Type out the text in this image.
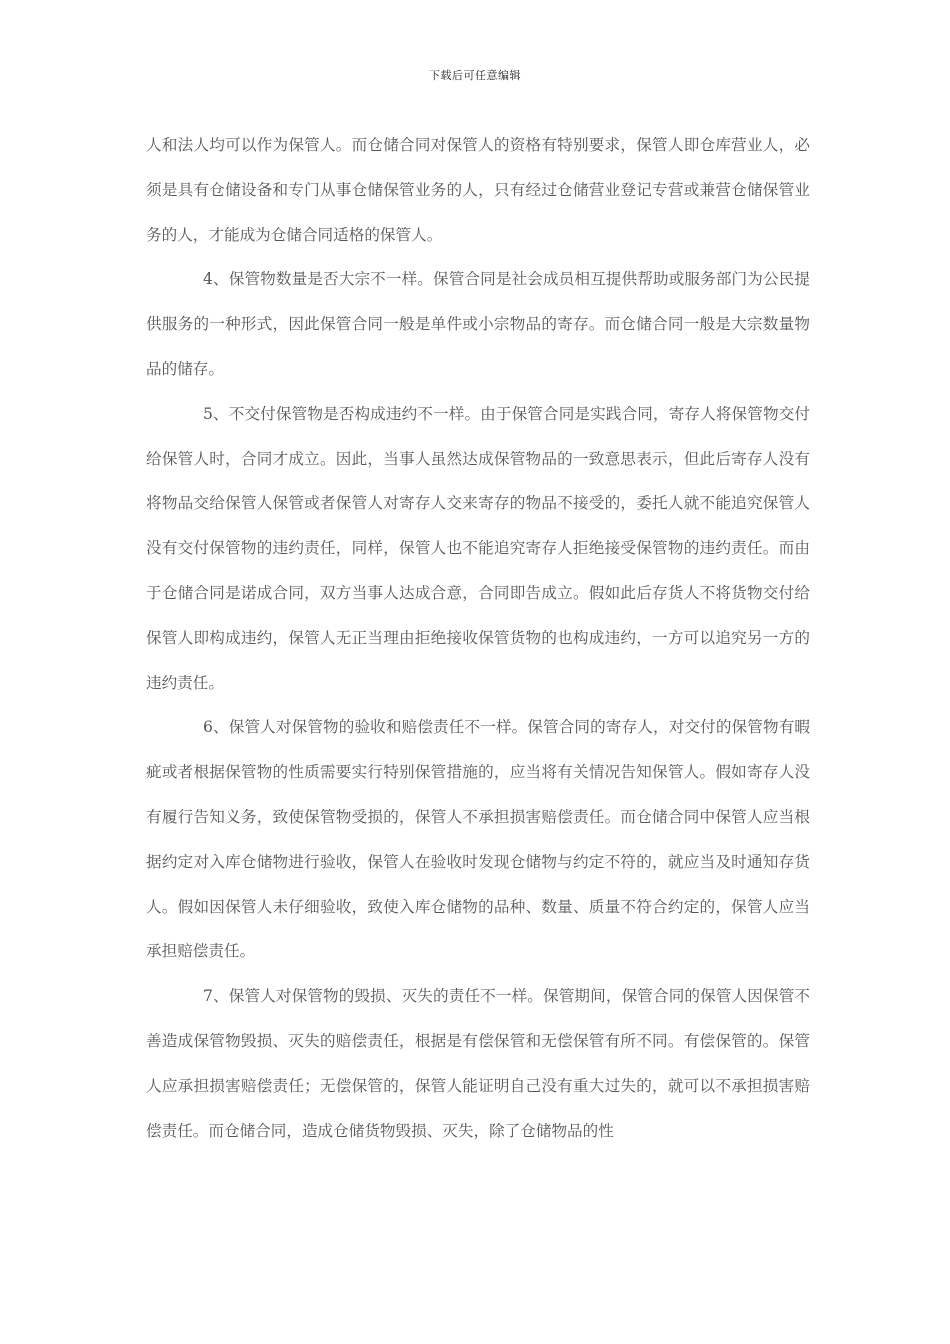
下载后可任意编辑

人和法人均可以作为保管人。而仓储合同对保管人的资格有特别要求，保管人即仓库营业人，必须是具有仓储设备和专门从事仓储保管业务的人，只有经过仓储营业登记专营或兼营仓储保管业务的人，才能成为仓储合同适格的保管人。

4、保管物数量是否大宗不一样。保管合同是社会成员相互提供帮助或服务部门为公民提供服务的一种形式，因此保管合同一般是单件或小宗物品的寄存。而仓储合同一般是大宗数量物品的储存。

5、不交付保管物是否构成违约不一样。由于保管合同是实践合同，寄存人将保管物交付给保管人时，合同才成立。因此，当事人虽然达成保管物品的一致意思表示，但此后寄存人没有将物品交给保管人保管或者保管人对寄存人交来寄存的物品不接受的，委托人就不能追究保管人没有交付保管物的违约责任，同样，保管人也不能追究寄存人拒绝接受保管物的违约责任。而由于仓储合同是诺成合同，双方当事人达成合意，合同即告成立。假如此后存货人不将货物交付给保管人即构成违约，保管人无正当理由拒绝接收保管货物的也构成违约，一方可以追究另一方的违约责任。

6、保管人对保管物的验收和赔偿责任不一样。保管合同的寄存人，对交付的保管物有暇疵或者根据保管物的性质需要实行特别保管措施的，应当将有关情况告知保管人。假如寄存人没有履行告知义务，致使保管物受损的，保管人不承担损害赔偿责任。而仓储合同中保管人应当根据约定对入库仓储物进行验收，保管人在验收时发现仓储物与约定不符的，就应当及时通知存货人。假如因保管人未仔细验收，致使入库仓储物的品种、数量、质量不符合约定的，保管人应当承担赔偿责任。

7、保管人对保管物的毁损、灭失的责任不一样。保管期间，保管合同的保管人因保管不善造成保管物毁损、灭失的赔偿责任，根据是有偿保管和无偿保管有所不同。有偿保管的。保管人应承担损害赔偿责任；无偿保管的，保管人能证明自己没有重大过失的，就可以不承担损害赔偿责任。而仓储合同，造成仓储货物毁损、灭失，除了仓储物品的性
